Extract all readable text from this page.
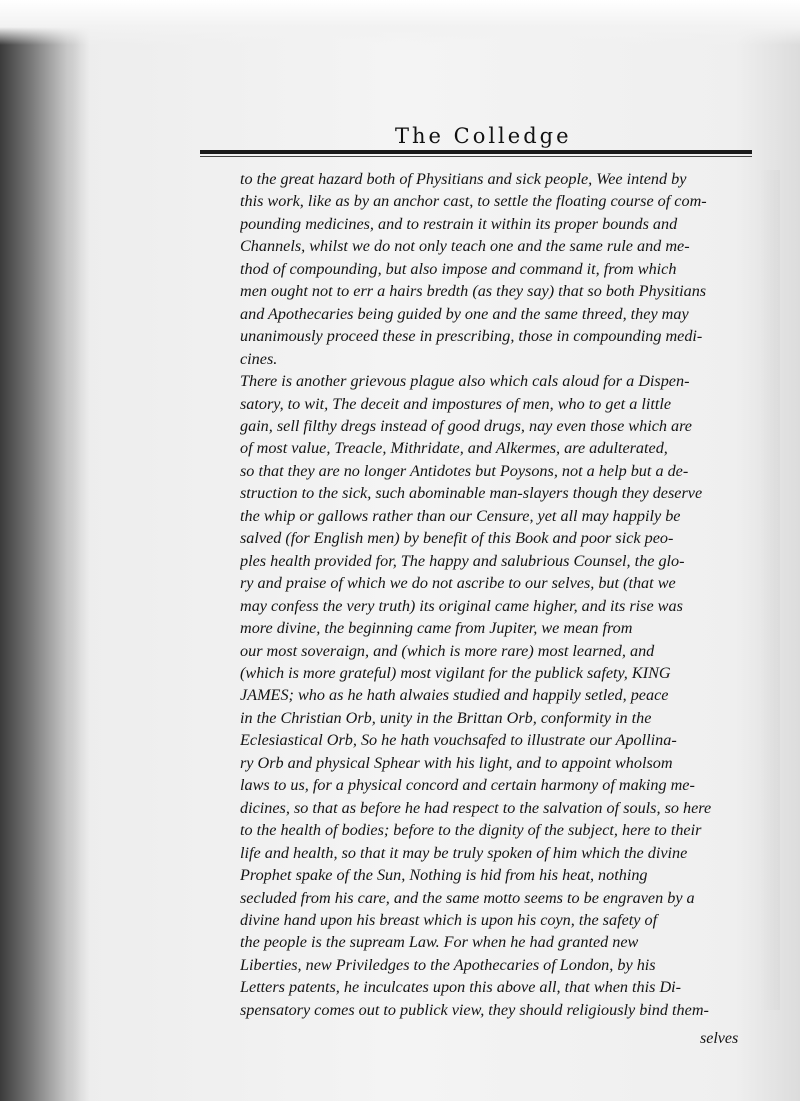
The Colledge
to the great hazard both of Physitians and sick people, Wee intend by
this work, like as by an anchor cast, to settle the floating course of com-
pounding medicines, and to restrain it within its proper bounds and
Channels, whilst we do not only teach one and the same rule and me-
thod of compounding, but also impose and command it, from which
men ought not to err a hairs bredth (as they say) that so both Physitians
and Apothecaries being guided by one and the same threed, they may
unanimously proceed these in prescribing, those in compounding medi-
cines.
There is another grievous plague also which cals aloud for a Dispen-
satory, to wit, The deceit and impostures of men, who to get a little
gain, sell filthy dregs instead of good drugs, nay even those which are
of most value, Treacle, Mithridate, and Alkermes, are adulterated,
so that they are no longer Antidotes but Poysons, not a help but a de-
struction to the sick, such abominable man-slayers though they deserve
the whip or gallows rather than our Censure, yet all may happily be
salved (for English men) by benefit of this Book and poor sick peo-
ples health provided for, The happy and salubrious Counsel, the glo-
ry and praise of which we do not ascribe to our selves, but (that we
may confess the very truth) its original came higher, and its rise was
more divine, the beginning came from Jupiter, we mean from
our most soveraign, and (which is more rare) most learned, and
(which is more grateful) most vigilant for the publick safety, KING
JAMES; who as he hath alwaies studied and happily setled, peace
in the Christian Orb, unity in the Brittan Orb, conformity in the
Eclesiastical Orb, So he hath vouchsafed to illustrate our Apollina-
ry Orb and physical Sphear with his light, and to appoint wholsom
laws to us, for a physical concord and certain harmony of making me-
dicines, so that as before he had respect to the salvation of souls, so here
to the health of bodies; before to the dignity of the subject, here to their
life and health, so that it may be truly spoken of him which the divine
Prophet spake of the Sun, Nothing is hid from his heat, nothing
secluded from his care, and the same motto seems to be engraven by a
divine hand upon his breast which is upon his coyn, the safety of
the people is the supream Law. For when he had granted new
Liberties, new Priviledges to the Apothecaries of London, by his
Letters patents, he inculcates upon this above all, that when this Di-
spensatory comes out to publick view, they should religiously bind them-
selves
